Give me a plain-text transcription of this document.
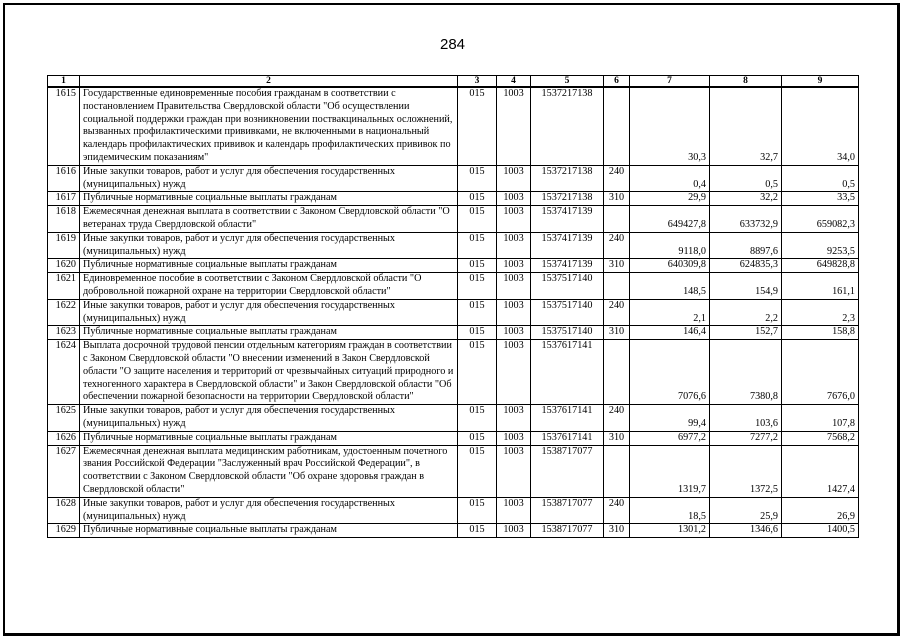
284
1	2	3	4	5	6	7	8	9
1615	Государственные единовременные пособия гражданам в соответствии с постановлением Правительства Свердловской области "Об осуществлении социальной поддержки граждан при возникновении поствакцинальных осложнений, вызванных профилактическими прививками, не включенными в национальный календарь профилактических прививок и календарь профилактических прививок по эпидемическим показаниям"	015	1003	1537217138		30,3	32,7	34,0
1616	Иные закупки товаров, работ и услуг для обеспечения государственных (муниципальных) нужд	015	1003	1537217138	240	0,4	0,5	0,5
1617	Публичные нормативные социальные выплаты гражданам	015	1003	1537217138	310	29,9	32,2	33,5
1618	Ежемесячная денежная выплата в соответствии с Законом Свердловской области "О ветеранах труда Свердловской области"	015	1003	1537417139		649427,8	633732,9	659082,3
1619	Иные закупки товаров, работ и услуг для обеспечения государственных (муниципальных) нужд	015	1003	1537417139	240	9118,0	8897,6	9253,5
1620	Публичные нормативные социальные выплаты гражданам	015	1003	1537417139	310	640309,8	624835,3	649828,8
1621	Единовременное пособие в соответствии с Законом Свердловской области "О добровольной пожарной охране на территории Свердловской области"	015	1003	1537517140		148,5	154,9	161,1
1622	Иные закупки товаров, работ и услуг для обеспечения государственных (муниципальных) нужд	015	1003	1537517140	240	2,1	2,2	2,3
1623	Публичные нормативные социальные выплаты гражданам	015	1003	1537517140	310	146,4	152,7	158,8
1624	Выплата досрочной трудовой пенсии отдельным категориям граждан в соответствии с Законом Свердловской области "О внесении изменений в Закон Свердловской области "О защите населения и территорий от чрезвычайных ситуаций природного и техногенного характера в Свердловской области" и Закон Свердловской области "Об обеспечении пожарной безопасности на территории Свердловской области"	015	1003	1537617141		7076,6	7380,8	7676,0
1625	Иные закупки товаров, работ и услуг для обеспечения государственных (муниципальных) нужд	015	1003	1537617141	240	99,4	103,6	107,8
1626	Публичные нормативные социальные выплаты гражданам	015	1003	1537617141	310	6977,2	7277,2	7568,2
1627	Ежемесячная денежная выплата медицинским работникам, удостоенным почетного звания Российской Федерации "Заслуженный врач Российской Федерации", в соответствии с Законом Свердловской области "Об охране здоровья граждан в Свердловской области"	015	1003	1538717077		1319,7	1372,5	1427,4
1628	Иные закупки товаров, работ и услуг для обеспечения государственных (муниципальных) нужд	015	1003	1538717077	240	18,5	25,9	26,9
1629	Публичные нормативные социальные выплаты гражданам	015	1003	1538717077	310	1301,2	1346,6	1400,5
